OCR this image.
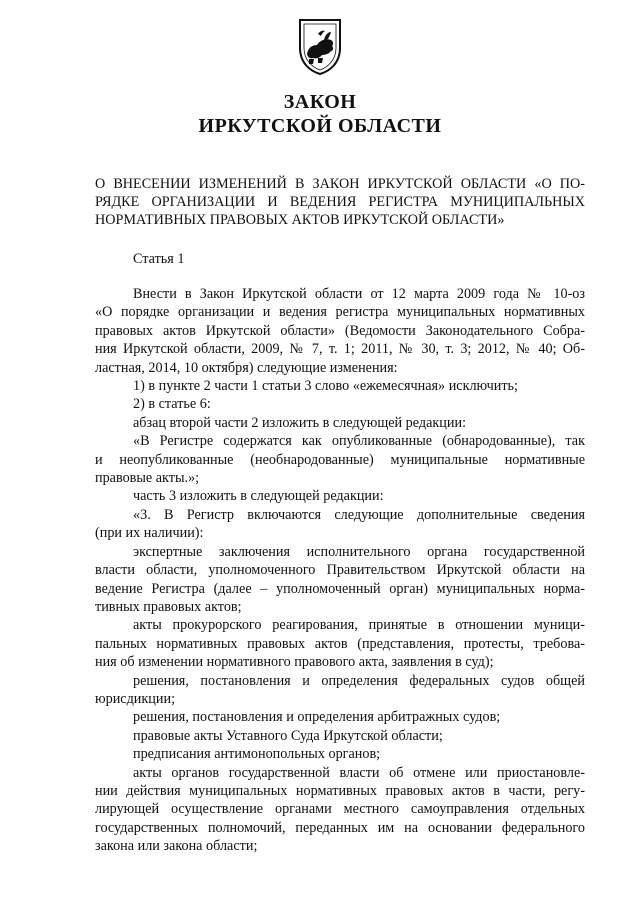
ЗАКОН
ИРКУТСКОЙ ОБЛАСТИ
О ВНЕСЕНИИ ИЗМЕНЕНИЙ В ЗАКОН ИРКУТСКОЙ ОБЛАСТИ «О ПО-
РЯДКЕ ОРГАНИЗАЦИИ И ВЕДЕНИЯ РЕГИСТРА МУНИЦИПАЛЬНЫХ
НОРМАТИВНЫХ ПРАВОВЫХ АКТОВ ИРКУТСКОЙ ОБЛАСТИ»
Статья 1
Внести в Закон Иркутской области от 12 марта 2009 года № 10-оз
«О порядке организации и ведения регистра муниципальных нормативных
правовых актов Иркутской области» (Ведомости Законодательного Собра-
ния Иркутской области, 2009, № 7, т. 1; 2011, № 30, т. 3; 2012, № 40; Об-
ластная, 2014, 10 октября) следующие изменения:
1) в пункте 2 части 1 статьи 3 слово «ежемесячная» исключить;
2) в статье 6:
абзац второй части 2 изложить в следующей редакции:
«В Регистре содержатся как опубликованные (обнародованные), так
и неопубликованные (необнародованные) муниципальные нормативные
правовые акты.»;
часть 3 изложить в следующей редакции:
«3. В Регистр включаются следующие дополнительные сведения
(при их наличии):
экспертные заключения исполнительного органа государственной
власти области, уполномоченного Правительством Иркутской области на
ведение Регистра (далее – уполномоченный орган) муниципальных норма-
тивных правовых актов;
акты прокурорского реагирования, принятые в отношении муници-
пальных нормативных правовых актов (представления, протесты, требова-
ния об изменении нормативного правового акта, заявления в суд);
решения, постановления и определения федеральных судов общей
юрисдикции;
решения, постановления и определения арбитражных судов;
правовые акты Уставного Суда Иркутской области;
предписания антимонопольных органов;
акты органов государственной власти об отмене или приостановле-
нии действия муниципальных нормативных правовых актов в части, регу-
лирующей осуществление органами местного самоуправления отдельных
государственных полномочий, переданных им на основании федерального
закона или закона области;
